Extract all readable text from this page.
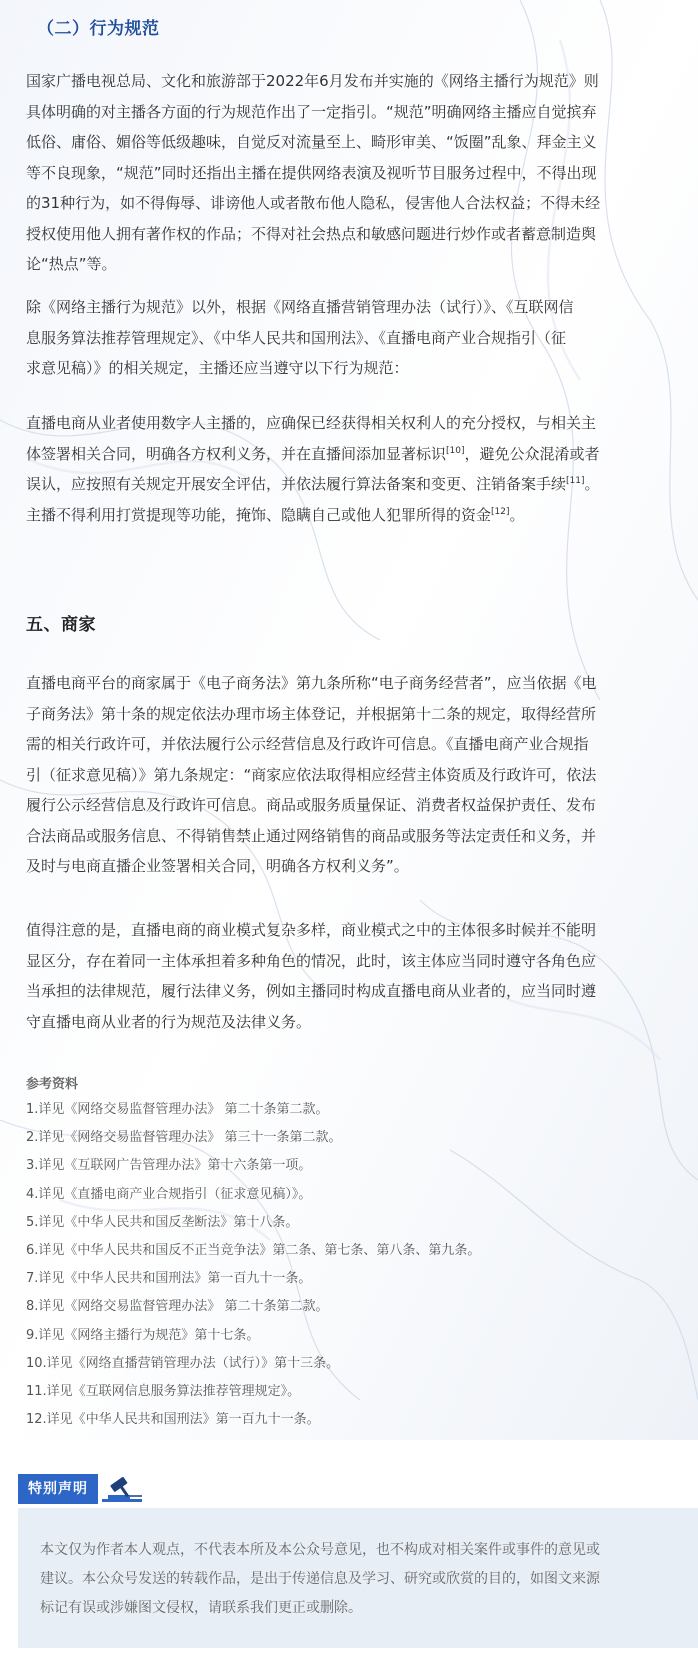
（二）行为规范
国家广播电视总局、文化和旅游部于2022年6月发布并实施的《网络主播行为规范》则
具体明确的对主播各方面的行为规范作出了一定指引。“规范”明确网络主播应自觉摈弃
低俗、庸俗、媚俗等低级趣味，自觉反对流量至上、畸形审美、“饭圈”乱象、拜金主义
等不良现象，“规范”同时还指出主播在提供网络表演及视听节目服务过程中，不得出现
的31种行为，如不得侮辱、诽谤他人或者散布他人隐私，侵害他人合法权益；不得未经
授权使用他人拥有著作权的作品；不得对社会热点和敏感问题进行炒作或者蓄意制造舆
论“热点”等。
除《网络主播行为规范》以外，根据《网络直播营销管理办法（试行）》、《互联网信
息服务算法推荐管理规定》、《中华人民共和国刑法》、《直播电商产业合规指引（征
求意见稿）》的相关规定，主播还应当遵守以下行为规范：
直播电商从业者使用数字人主播的，应确保已经获得相关权利人的充分授权，与相关主
体签署相关合同，明确各方权利义务，并在直播间添加显著标识[10]，避免公众混淆或者
误认，应按照有关规定开展安全评估，并依法履行算法备案和变更、注销备案手续[11]。
主播不得利用打赏提现等功能，掩饰、隐瞒自己或他人犯罪所得的资金[12]。
五、商家
直播电商平台的商家属于《电子商务法》第九条所称“电子商务经营者”，应当依据《电
子商务法》第十条的规定依法办理市场主体登记，并根据第十二条的规定，取得经营所
需的相关行政许可，并依法履行公示经营信息及行政许可信息。《直播电商产业合规指
引（征求意见稿）》第九条规定：“商家应依法取得相应经营主体资质及行政许可，依法
履行公示经营信息及行政许可信息。商品或服务质量保证、消费者权益保护责任、发布
合法商品或服务信息、不得销售禁止通过网络销售的商品或服务等法定责任和义务，并
及时与电商直播企业签署相关合同，明确各方权利义务”。
值得注意的是，直播电商的商业模式复杂多样，商业模式之中的主体很多时候并不能明
显区分，存在着同一主体承担着多种角色的情况，此时，该主体应当同时遵守各角色应
当承担的法律规范，履行法律义务，例如主播同时构成直播电商从业者的，应当同时遵
守直播电商从业者的行为规范及法律义务。
参考资料
1.详见《网络交易监督管理办法》 第二十条第二款。
2.详见《网络交易监督管理办法》 第三十一条第二款。
3.详见《互联网广告管理办法》第十六条第一项。
4.详见《直播电商产业合规指引（征求意见稿）》。
5.详见《中华人民共和国反垄断法》第十八条。
6.详见《中华人民共和国反不正当竞争法》第二条、第七条、第八条、第九条。
7.详见《中华人民共和国刑法》第一百九十一条。
8.详见《网络交易监督管理办法》 第二十条第二款。
9.详见《网络主播行为规范》第十七条。
10.详见《网络直播营销管理办法（试行）》第十三条。
11.详见《互联网信息服务算法推荐管理规定》。
12.详见《中华人民共和国刑法》第一百九十一条。
特别声明
本文仅为作者本人观点，不代表本所及本公众号意见，也不构成对相关案件或事件的意见或
建议。本公众号发送的转载作品，是出于传递信息及学习、研究或欣赏的目的，如图文来源
标记有误或涉嫌图文侵权，请联系我们更正或删除。
